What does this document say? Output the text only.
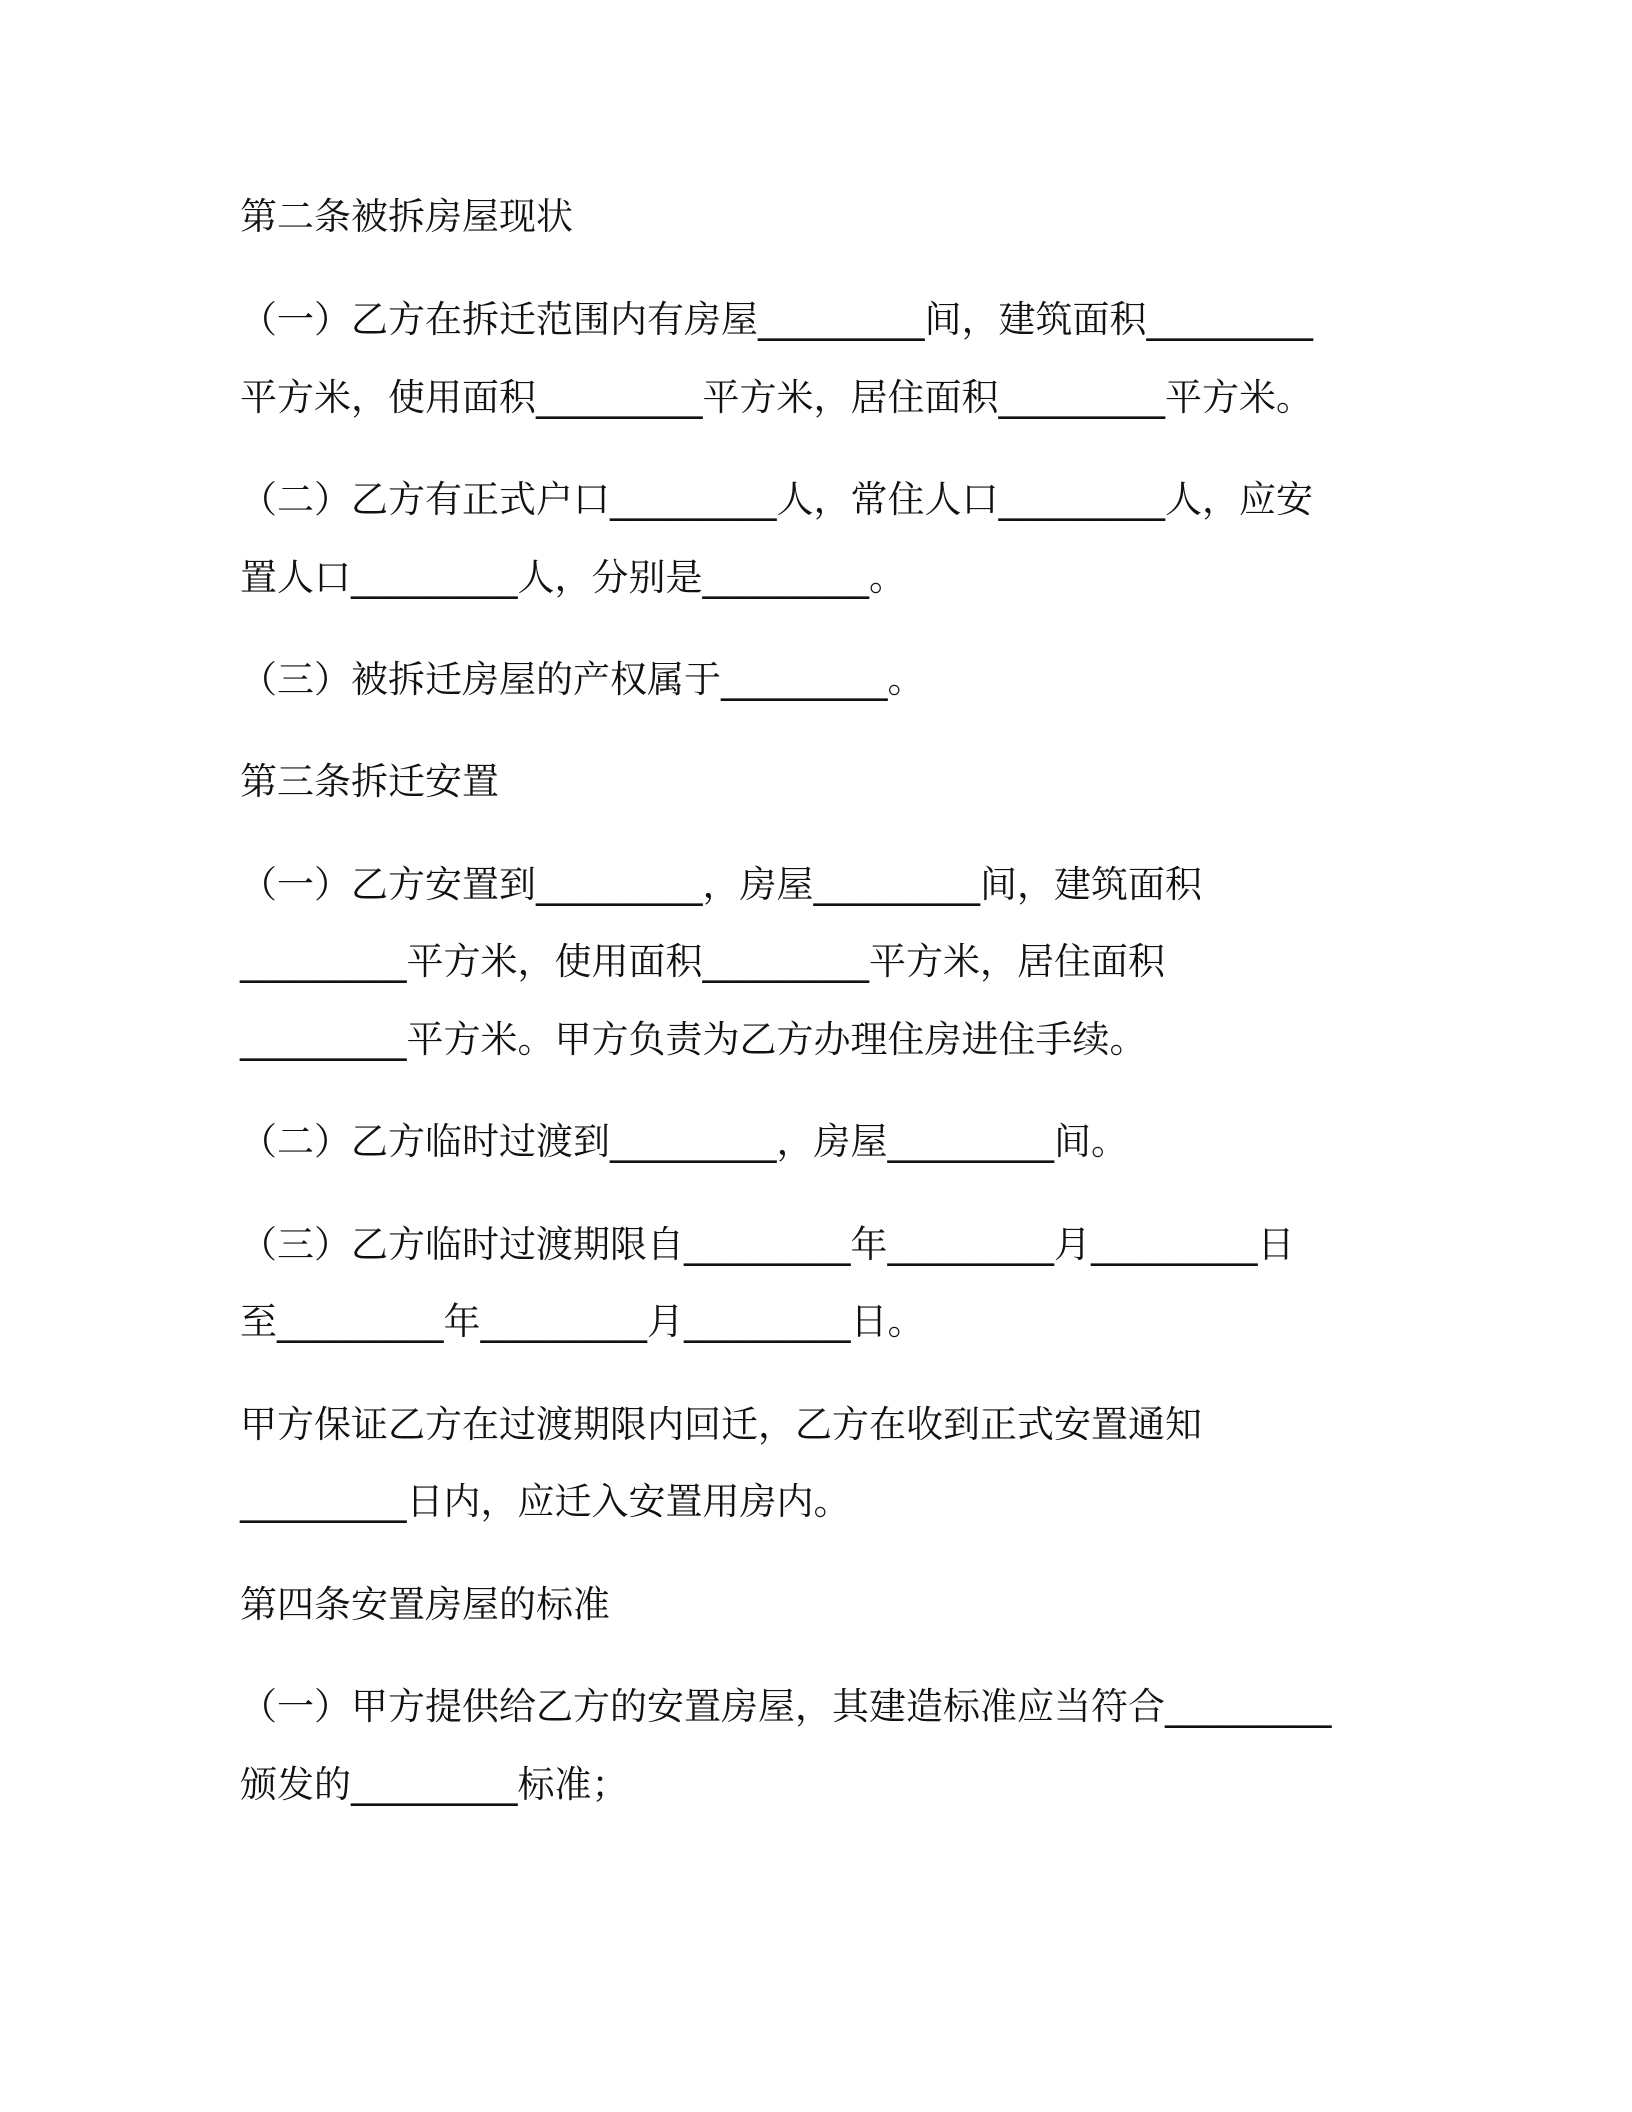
第二条被拆房屋现状
（一）乙方在拆迁范围内有房屋_________间，建筑面积_________
平方米，使用面积_________平方米，居住面积_________平方米。
（二）乙方有正式户口_________人，常住人口_________人，应安
置人口_________人，分别是_________。
（三）被拆迁房屋的产权属于_________。
第三条拆迁安置
（一）乙方安置到_________，房屋_________间，建筑面积
_________平方米，使用面积_________平方米，居住面积
_________平方米。甲方负责为乙方办理住房进住手续。
（二）乙方临时过渡到_________，房屋_________间。
（三）乙方临时过渡期限自_________年_________月_________日
至_________年_________月_________日。
甲方保证乙方在过渡期限内回迁，乙方在收到正式安置通知
_________日内，应迁入安置用房内。
第四条安置房屋的标准
（一）甲方提供给乙方的安置房屋，其建造标准应当符合_________
颁发的_________标准；
